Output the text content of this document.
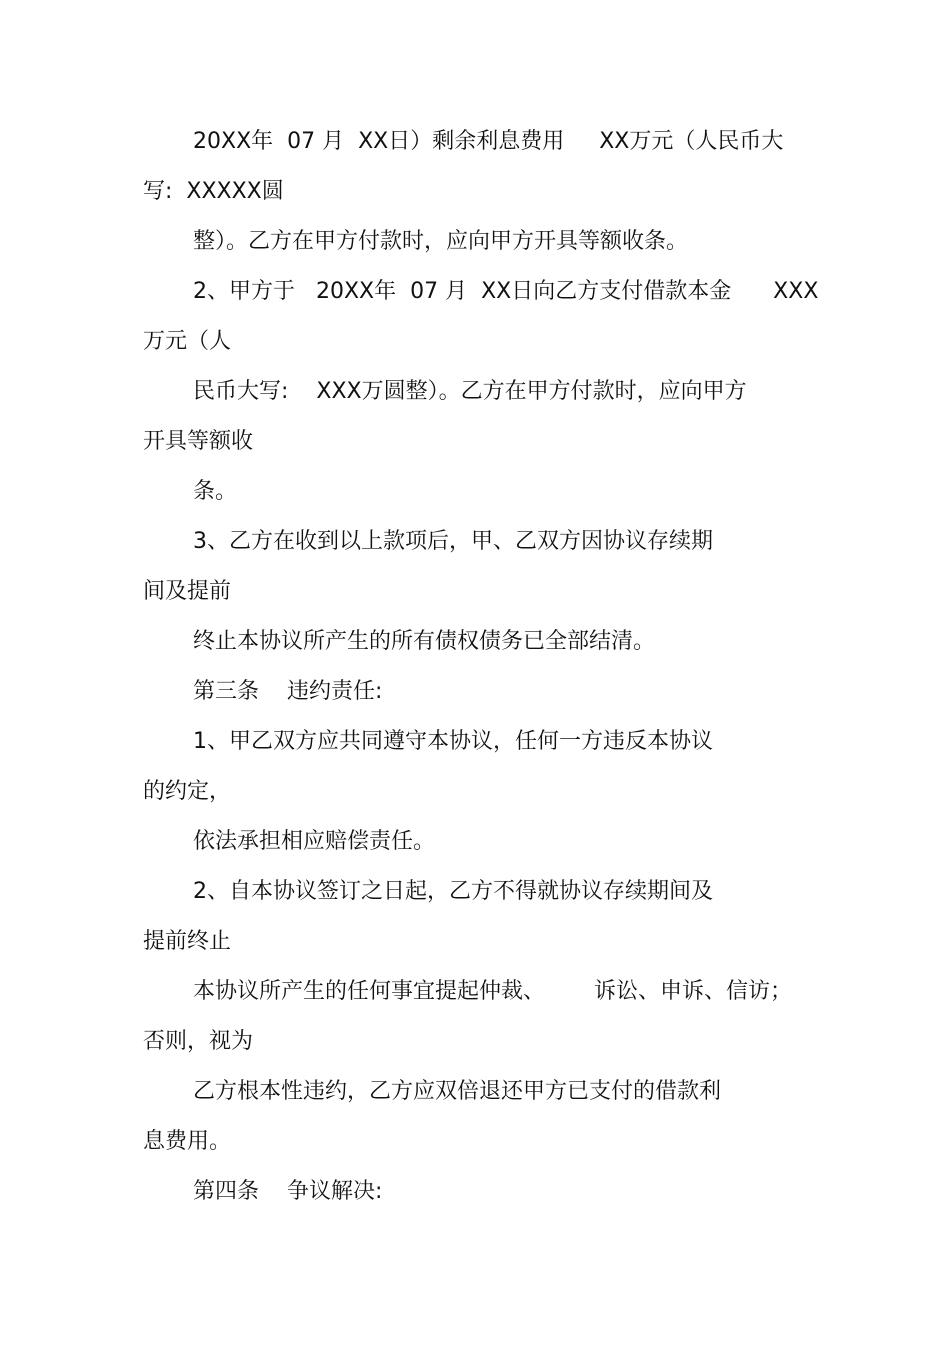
20XX年  07 月  XX日）剩余利息费用     XX万元（人民币大
写:  XXXXX圆
整）。乙方在甲方付款时，应向甲方开具等额收条。
2、甲方于   20XX年  07 月  XX日向乙方支付借款本金      XXX
万元（人
民币大写:    XXX万圆整）。乙方在甲方付款时，应向甲方
开具等额收
条。
3、乙方在收到以上款项后，甲、乙双方因协议存续期
间及提前
终止本协议所产生的所有债权债务已全部结清。
第三条    违约责任:
1、甲乙双方应共同遵守本协议，任何一方违反本协议
的约定，
依法承担相应赔偿责任。
2、自本协议签订之日起，乙方不得就协议存续期间及
提前终止
本协议所产生的任何事宜提起仲裁、       诉讼、申诉、信访；
否则，视为
乙方根本性违约，乙方应双倍退还甲方已支付的借款利
息费用。
第四条    争议解决:
